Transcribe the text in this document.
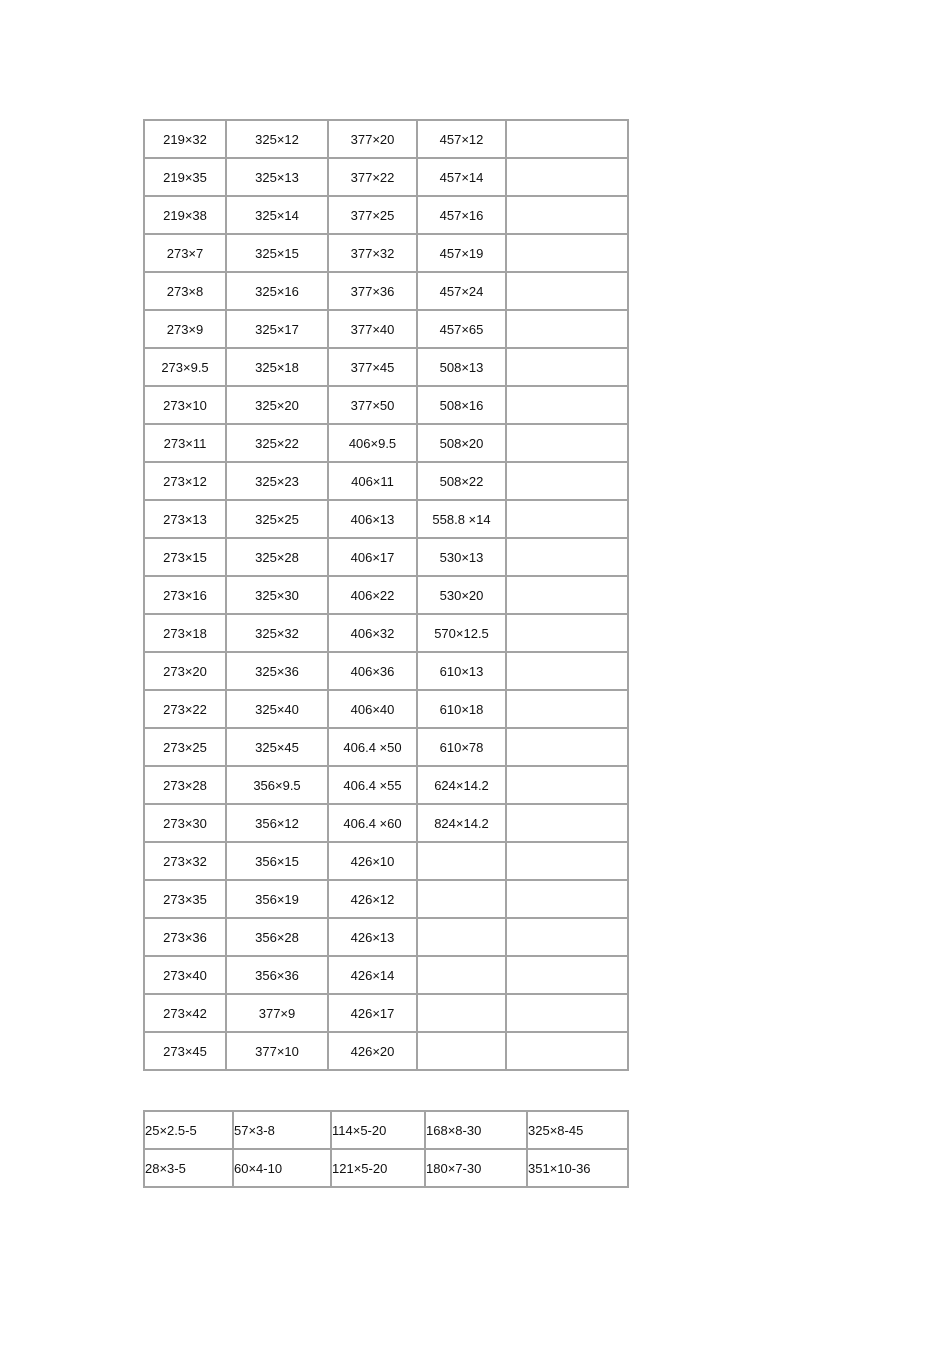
219×32	325×12	377×20	457×12	
219×35	325×13	377×22	457×14	
219×38	325×14	377×25	457×16	
273×7	325×15	377×32	457×19	
273×8	325×16	377×36	457×24	
273×9	325×17	377×40	457×65	
273×9.5	325×18	377×45	508×13	
273×10	325×20	377×50	508×16	
273×11	325×22	406×9.5	508×20	
273×12	325×23	406×11	508×22	
273×13	325×25	406×13	558.8 ×14	
273×15	325×28	406×17	530×13	
273×16	325×30	406×22	530×20	
273×18	325×32	406×32	570×12.5	
273×20	325×36	406×36	610×13	
273×22	325×40	406×40	610×18	
273×25	325×45	406.4 ×50	610×78	
273×28	356×9.5	406.4 ×55	624×14.2	
273×30	356×12	406.4 ×60	824×14.2	
273×32	356×15	426×10		
273×35	356×19	426×12		
273×36	356×28	426×13		
273×40	356×36	426×14		
273×42	377×9	426×17		
273×45	377×10	426×20		
25×2.5-5	57×3-8	114×5-20	168×8-30	325×8-45
28×3-5	60×4-10	121×5-20	180×7-30	351×10-36
